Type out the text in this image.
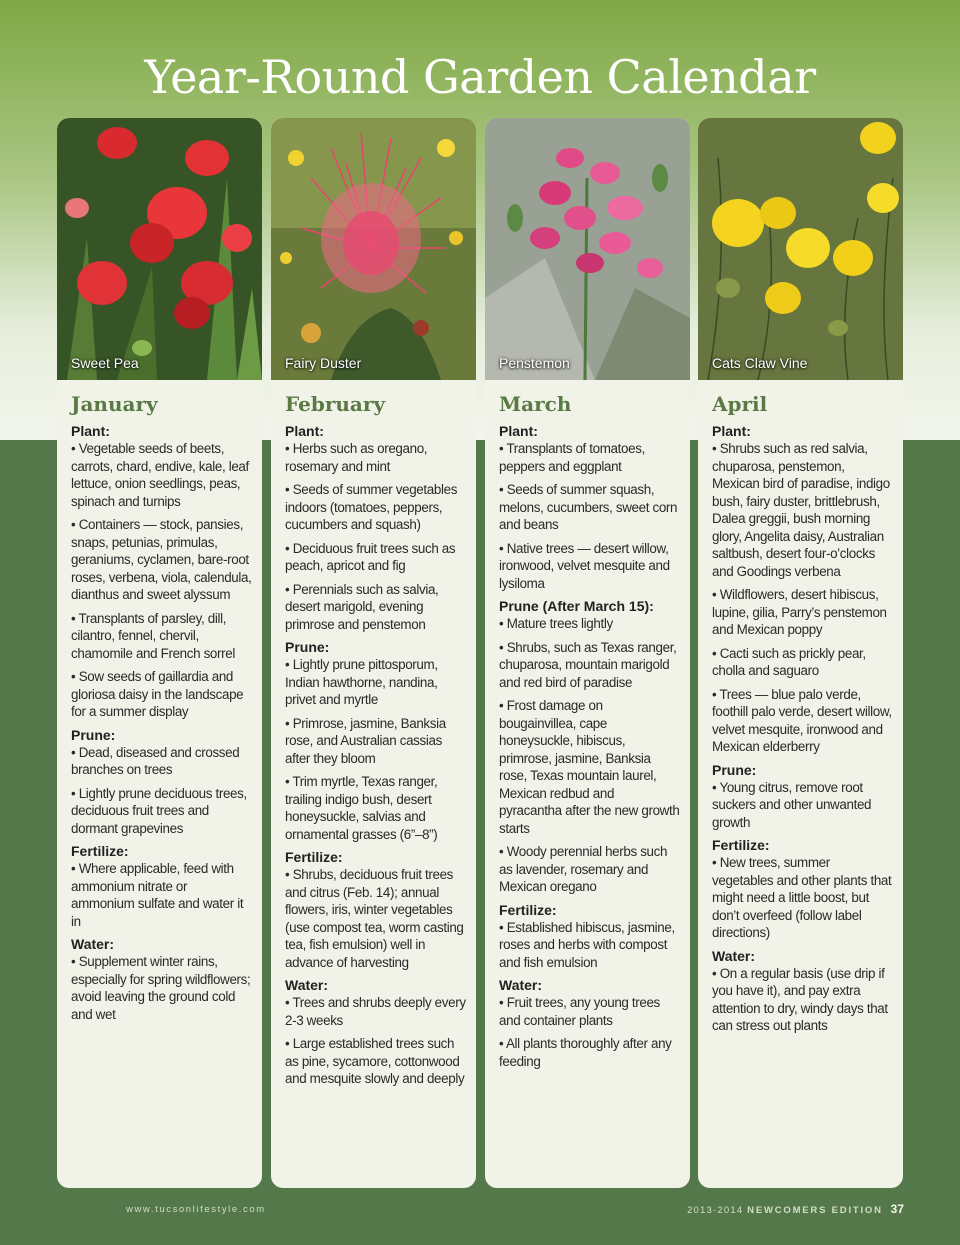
Year-Round Garden Calendar
Sweet Pea
January
Plant:
• Vegetable seeds of beets, carrots, chard, endive, kale, leaf lettuce, onion seedlings, peas, spinach and turnips
• Containers — stock, pansies, snaps, petunias, primulas, geraniums, cyclamen, bare-root roses, verbena, viola, calendula, dianthus and sweet alyssum
• Transplants of parsley, dill, cilantro, fennel, chervil, chamomile and French sorrel
• Sow seeds of gaillardia and gloriosa daisy in the landscape for a summer display
Prune:
• Dead, diseased and crossed branches on trees
• Lightly prune deciduous trees, deciduous fruit trees and dormant grapevines
Fertilize:
• Where applicable, feed with ammonium nitrate or ammonium sulfate and water it in
Water:
• Supplement winter rains, especially for spring wildflowers; avoid leaving the ground cold and wet
Fairy Duster
February
Plant:
• Herbs such as oregano, rosemary and mint
• Seeds of summer vegetables indoors (tomatoes, peppers, cucumbers and squash)
• Deciduous fruit trees such as peach, apricot and fig
• Perennials such as salvia, desert marigold, evening primrose and penstemon
Prune:
• Lightly prune pittosporum, Indian hawthorne, nandina, privet and myrtle
• Primrose, jasmine, Banksia rose, and Australian cassias after they bloom
• Trim myrtle, Texas ranger, trailing indigo bush, desert honeysuckle, salvias and ornamental grasses (6”–8”)
Fertilize:
• Shrubs, deciduous fruit trees and citrus (Feb. 14); annual flowers, iris, winter vegetables (use compost tea, worm casting tea, fish emulsion) well in advance of harvesting
Water:
• Trees and shrubs deeply every 2-3 weeks
• Large established trees such as pine, sycamore, cottonwood and mesquite slowly and deeply
Penstemon
March
Plant:
• Transplants of tomatoes, peppers and eggplant
• Seeds of summer squash, melons, cucumbers, sweet corn and beans
• Native trees — desert willow, ironwood, velvet mesquite and lysiloma
Prune (After March 15):
• Mature trees lightly
• Shrubs, such as Texas ranger, chuparosa, mountain marigold and red bird of paradise
• Frost damage on bougainvillea, cape honeysuckle, hibiscus, primrose, jasmine, Banksia rose, Texas mountain laurel, Mexican redbud and pyracantha after the new growth starts
• Woody perennial herbs such as lavender, rosemary and Mexican oregano
Fertilize:
• Established hibiscus, jasmine, roses and herbs with compost and fish emulsion
Water:
• Fruit trees, any young trees and container plants
• All plants thoroughly after any feeding
Cats Claw Vine
April
Plant:
• Shrubs such as red salvia, chuparosa, penstemon, Mexican bird of paradise, indigo bush, fairy duster, brittlebrush, Dalea greggii, bush morning glory, Angelita daisy, Australian saltbush, desert four-o’clocks and Goodings verbena
• Wildflowers, desert hibiscus, lupine, gilia, Parry’s penstemon and Mexican poppy
• Cacti such as prickly pear, cholla and saguaro
• Trees — blue palo verde, foothill palo verde, desert willow, velvet mesquite, ironwood and Mexican elderberry
Prune:
• Young citrus, remove root suckers and other unwanted growth
Fertilize:
• New trees, summer vegetables and other plants that might need a little boost, but don’t overfeed (follow label directions)
Water:
• On a regular basis (use drip if you have it), and pay extra attention to dry, windy days that can stress out plants
www.tucsonlifestyle.com	2013-2014 NEWCOMERS EDITION 37
